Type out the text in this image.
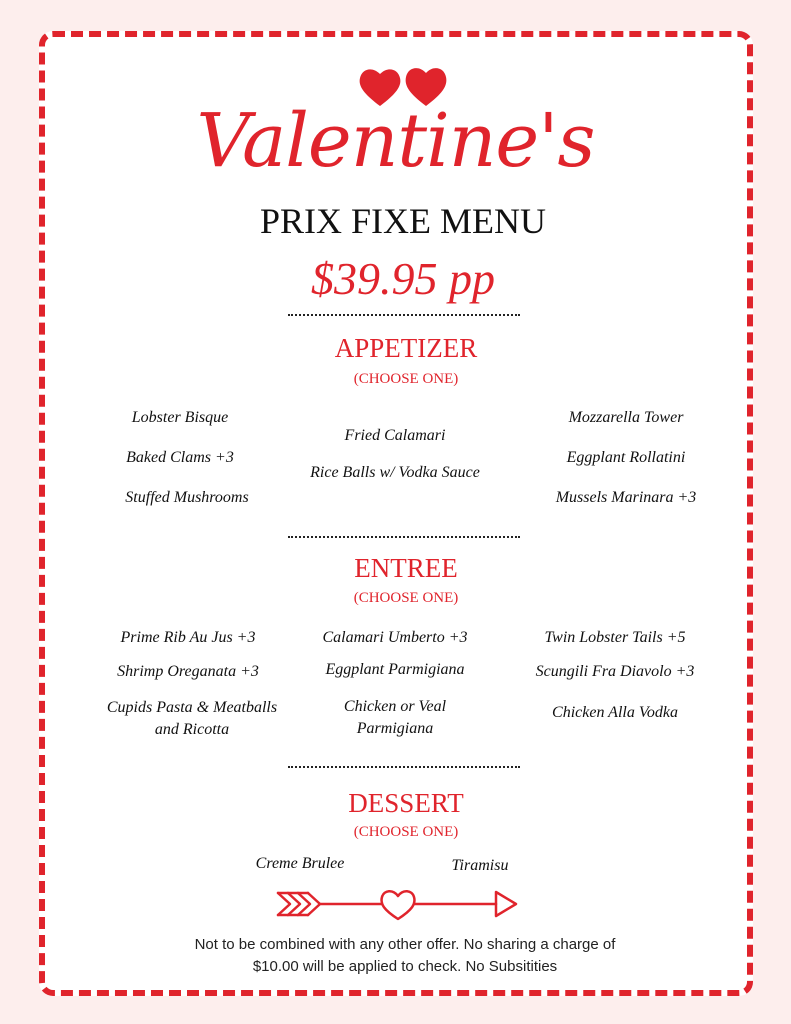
Valentine's
PRIX FIXE MENU
$39.95 pp
APPETIZER
(CHOOSE ONE)
Lobster Bisque
Baked Clams +3
Stuffed Mushrooms
Fried Calamari
Rice Balls w/ Vodka Sauce
Mozzarella Tower
Eggplant Rollatini
Mussels Marinara +3
ENTREE
(CHOOSE ONE)
Prime Rib Au Jus +3
Shrimp Oreganata +3
Cupids Pasta & Meatballs and Ricotta
Calamari Umberto +3
Eggplant Parmigiana
Chicken or Veal Parmigiana
Twin Lobster Tails +5
Scungili Fra Diavolo +3
Chicken Alla Vodka
DESSERT
(CHOOSE ONE)
Creme Brulee	Tiramisu
Not to be combined with any other offer. No sharing a charge of
$10.00 will be applied to check. No Subsitities
